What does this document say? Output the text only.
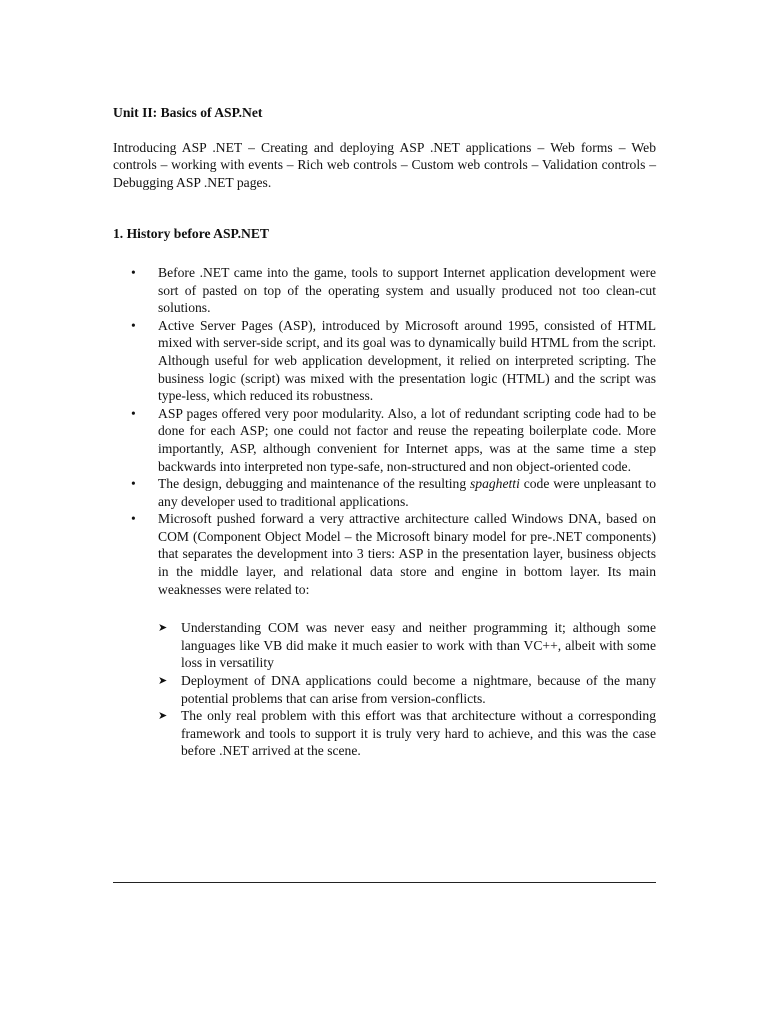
Unit II: Basics of ASP.Net

Introducing ASP .NET – Creating and deploying ASP .NET applications – Web forms – Web controls – working with events – Rich web controls – Custom web controls – Validation controls – Debugging ASP .NET pages.

1. History before ASP.NET

• Before .NET came into the game, tools to support Internet application development were sort of pasted on top of the operating system and usually produced not too clean-cut solutions.
• Active Server Pages (ASP), introduced by Microsoft around 1995, consisted of HTML mixed with server-side script, and its goal was to dynamically build HTML from the script. Although useful for web application development, it relied on interpreted scripting. The business logic (script) was mixed with the presentation logic (HTML) and the script was type-less, which reduced its robustness.
• ASP pages offered very poor modularity. Also, a lot of redundant scripting code had to be done for each ASP; one could not factor and reuse the repeating boilerplate code. More importantly, ASP, although convenient for Internet apps, was at the same time a step backwards into interpreted non type-safe, non-structured and non object-oriented code.
• The design, debugging and maintenance of the resulting spaghetti code were unpleasant to any developer used to traditional applications.
• Microsoft pushed forward a very attractive architecture called Windows DNA, based on COM (Component Object Model – the Microsoft binary model for pre-.NET components) that separates the development into 3 tiers: ASP in the presentation layer, business objects in the middle layer, and relational data store and engine in bottom layer. Its main weaknesses were related to:
➤ Understanding COM was never easy and neither programming it; although some languages like VB did make it much easier to work with than VC++, albeit with some loss in versatility
➤ Deployment of DNA applications could become a nightmare, because of the many potential problems that can arise from version-conflicts.
➤ The only real problem with this effort was that architecture without a corresponding framework and tools to support it is truly very hard to achieve, and this was the case before .NET arrived at the scene.
